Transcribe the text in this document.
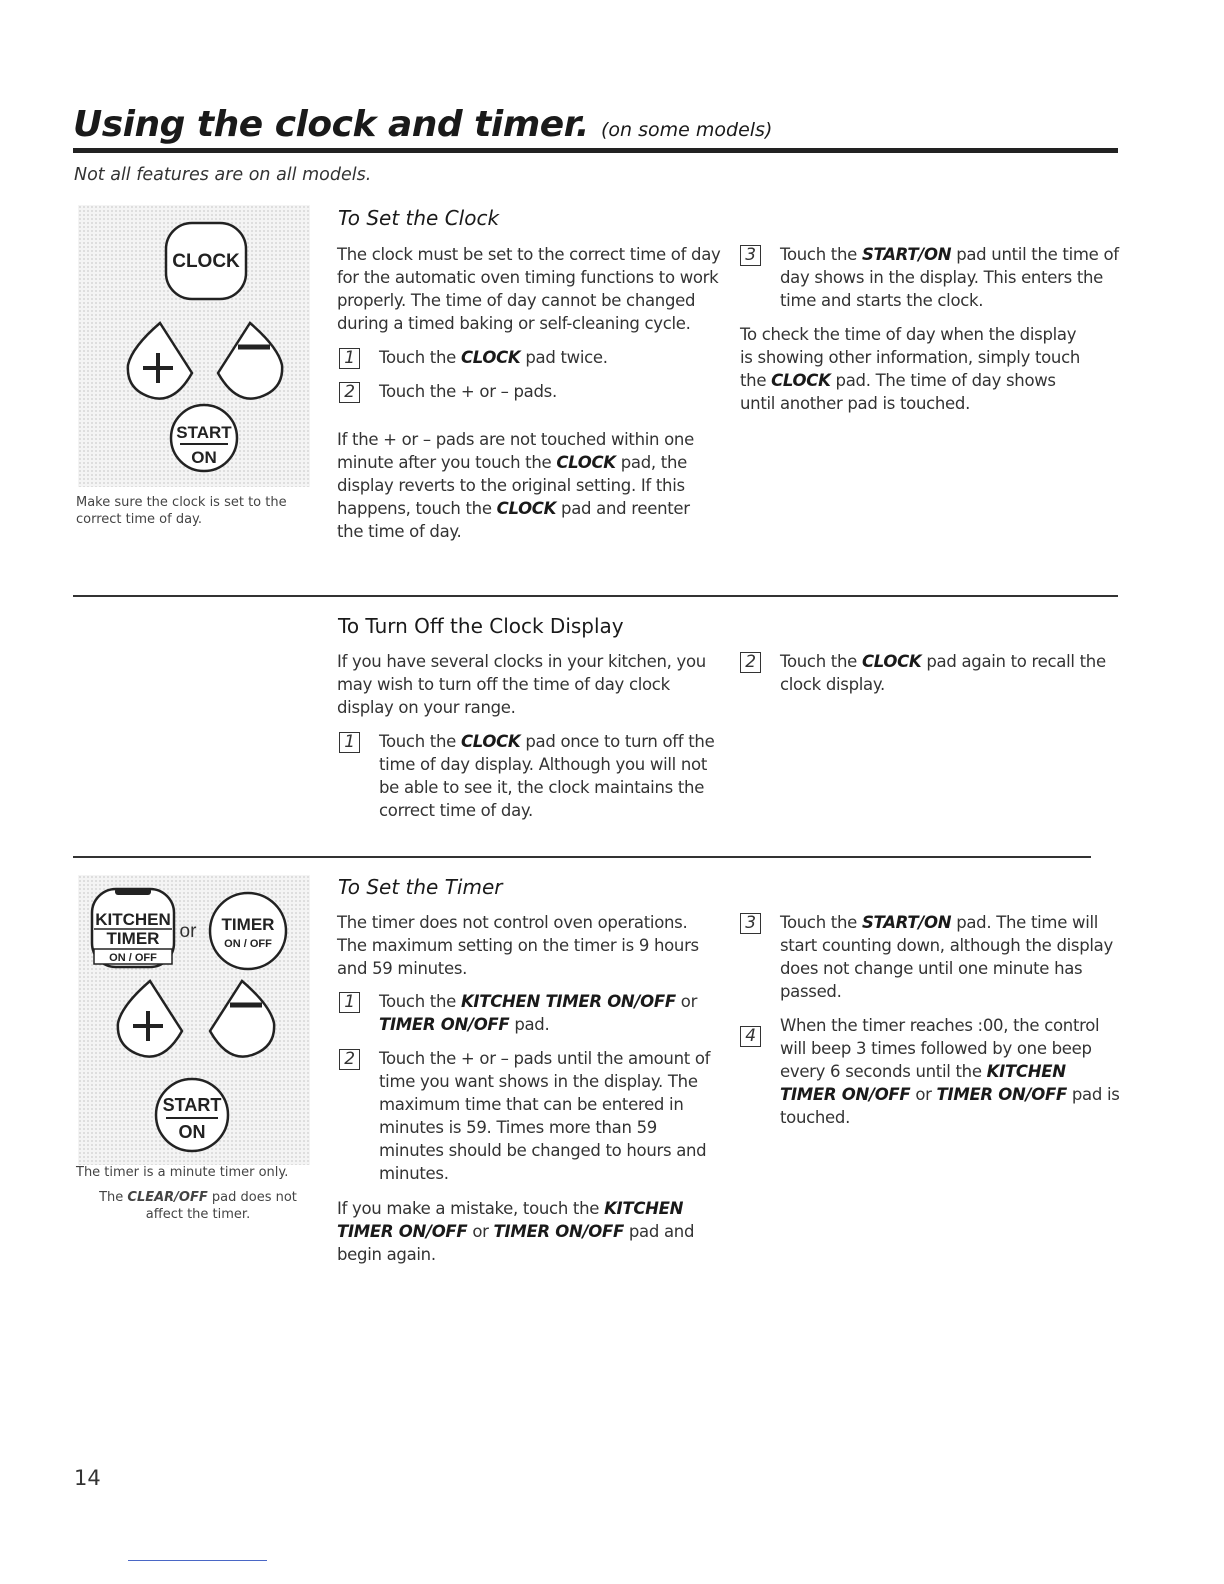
Using the clock and timer. (on some models)
Not all features are on all models.
CLOCK
START
ON
Make sure the clock is set to the correct time of day.
To Set the Clock
The clock must be set to the correct time of day for the automatic oven timing functions to work properly. The time of day cannot be changed during a timed baking or self-cleaning cycle.
1	Touch the CLOCK pad twice.
2	Touch the + or – pads.
If the + or – pads are not touched within one minute after you touch the CLOCK pad, the display reverts to the original setting. If this happens, touch the CLOCK pad and reenter the time of day.
3	Touch the START/ON pad until the time of day shows in the display. This enters the time and starts the clock.
To check the time of day when the display is showing other information, simply touch the CLOCK pad. The time of day shows until another pad is touched.
To Turn Off the Clock Display
If you have several clocks in your kitchen, you may wish to turn off the time of day clock display on your range.
1	Touch the CLOCK pad once to turn off the time of day display. Although you will not be able to see it, the clock maintains the correct time of day.
2	Touch the CLOCK pad again to recall the clock display.
KITCHEN
TIMER
ON / OFF
or TIMER
ON / OFF
START
ON
The timer is a minute timer only.
The CLEAR/OFF pad does not affect the timer.
To Set the Timer
The timer does not control oven operations. The maximum setting on the timer is 9 hours and 59 minutes.
1	Touch the KITCHEN TIMER ON/OFF or TIMER ON/OFF pad.
2	Touch the + or – pads until the amount of time you want shows in the display. The maximum time that can be entered in minutes is 59. Times more than 59 minutes should be changed to hours and minutes.
If you make a mistake, touch the KITCHEN TIMER ON/OFF or TIMER ON/OFF pad and begin again.
3	Touch the START/ON pad. The time will start counting down, although the display does not change until one minute has passed.
4
When the timer reaches :00, the control will beep 3 times followed by one beep every 6 seconds until the KITCHEN TIMER ON/OFF or TIMER ON/OFF pad is touched.
14
